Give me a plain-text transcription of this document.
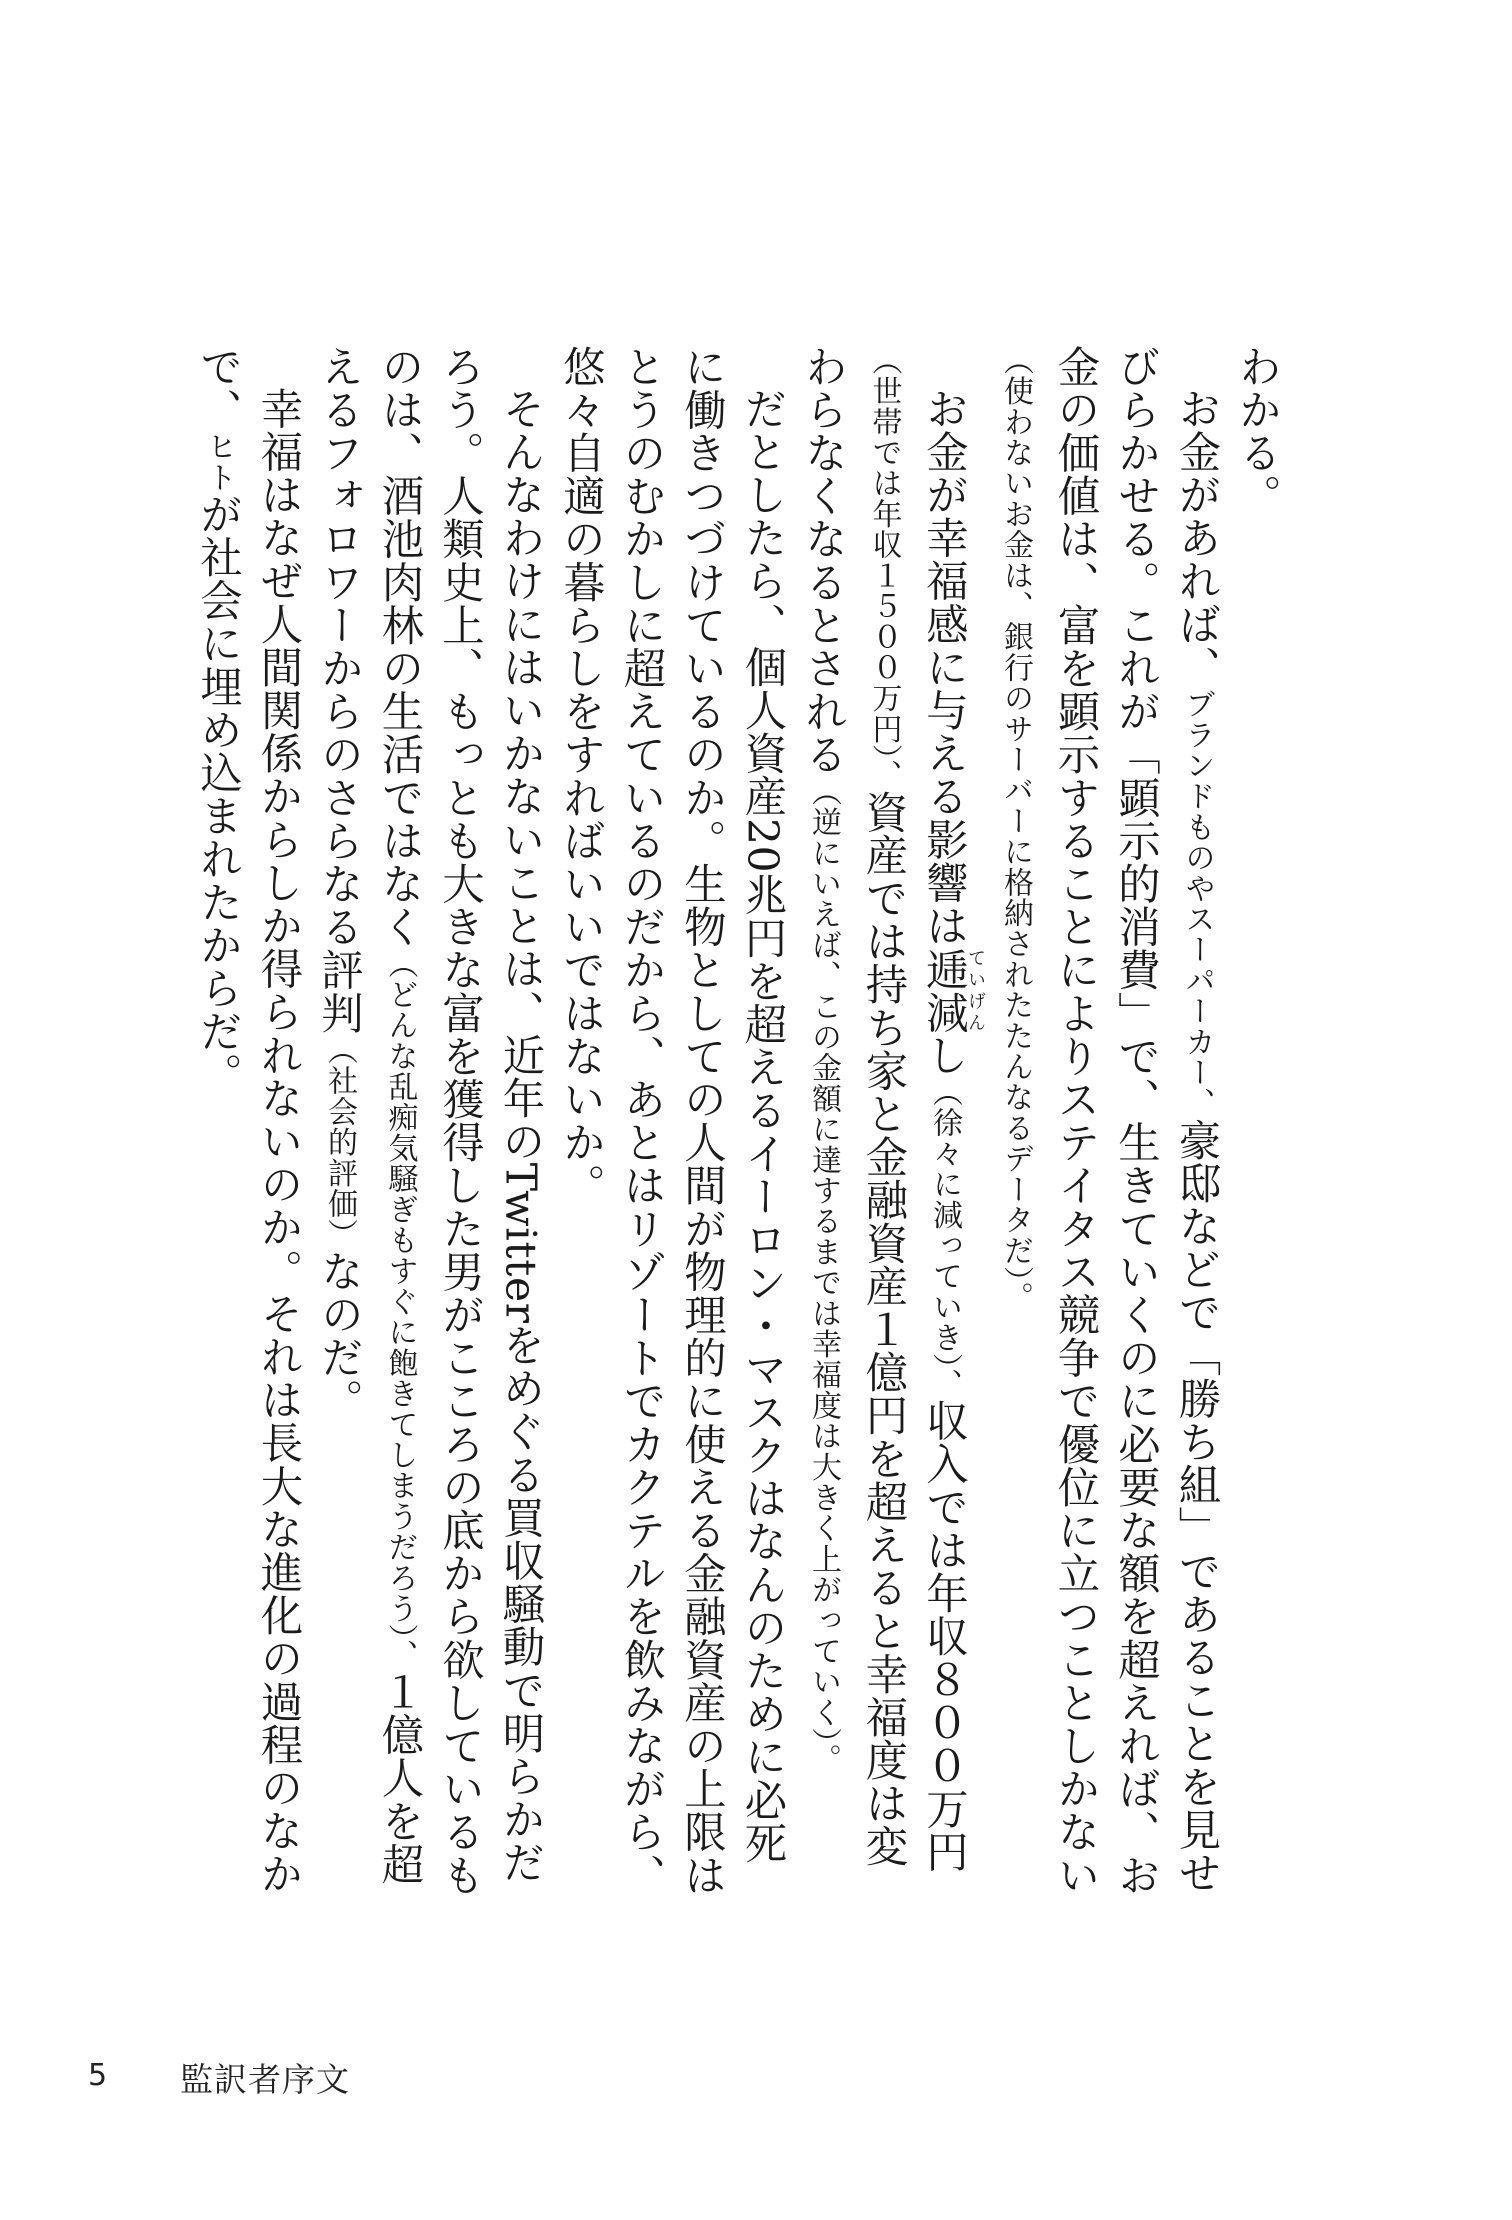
わかる。

お金があれば、ブランドものやスーパーカー、豪邸などで「勝ち組」であることを見せびらかせる。これが「顕示的消費」で、生きていくのに必要な額を超えれば、お金の価値は、富を顕示することによりステイタス競争で優位に立つことしかない（使わないお金は、銀行のサーバーに格納されたたんなるデータだ）。

お金が幸福感に与える影響は逓減ていげんし（徐々に減っていき）、収入では年収８００万円（世帯では年収１５００万円）、資産では持ち家と金融資産１億円を超えると幸福度は変わらなくなるとされる（逆にいえば、この金額に達するまでは幸福度は大きく上がっていく）。

だとしたら、個人資産20兆円を超えるイーロン・マスクはなんのために必死に働きつづけているのか。生物としての人間が物理的に使える金融資産の上限はとうのむかしに超えているのだから、あとはリゾートでカクテルを飲みながら、悠々自適の暮らしをすればいいではないか。

そんなわけにはいかないことは、近年のTwitterをめぐる買収騒動で明らかだろう。人類史上、もっとも大きな富を獲得した男がこころの底から欲しているものは、酒池肉林の生活ではなく（どんな乱痴気騒ぎもすぐに飽きてしまうだろう）、１億人を超えるフォロワーからのさらなる評判（社会的評価）なのだ。

幸福はなぜ人間関係からしか得られないのか。それは長大な進化の過程のなかで、ヒトが社会に埋め込まれたからだ。

5 監訳者序文
